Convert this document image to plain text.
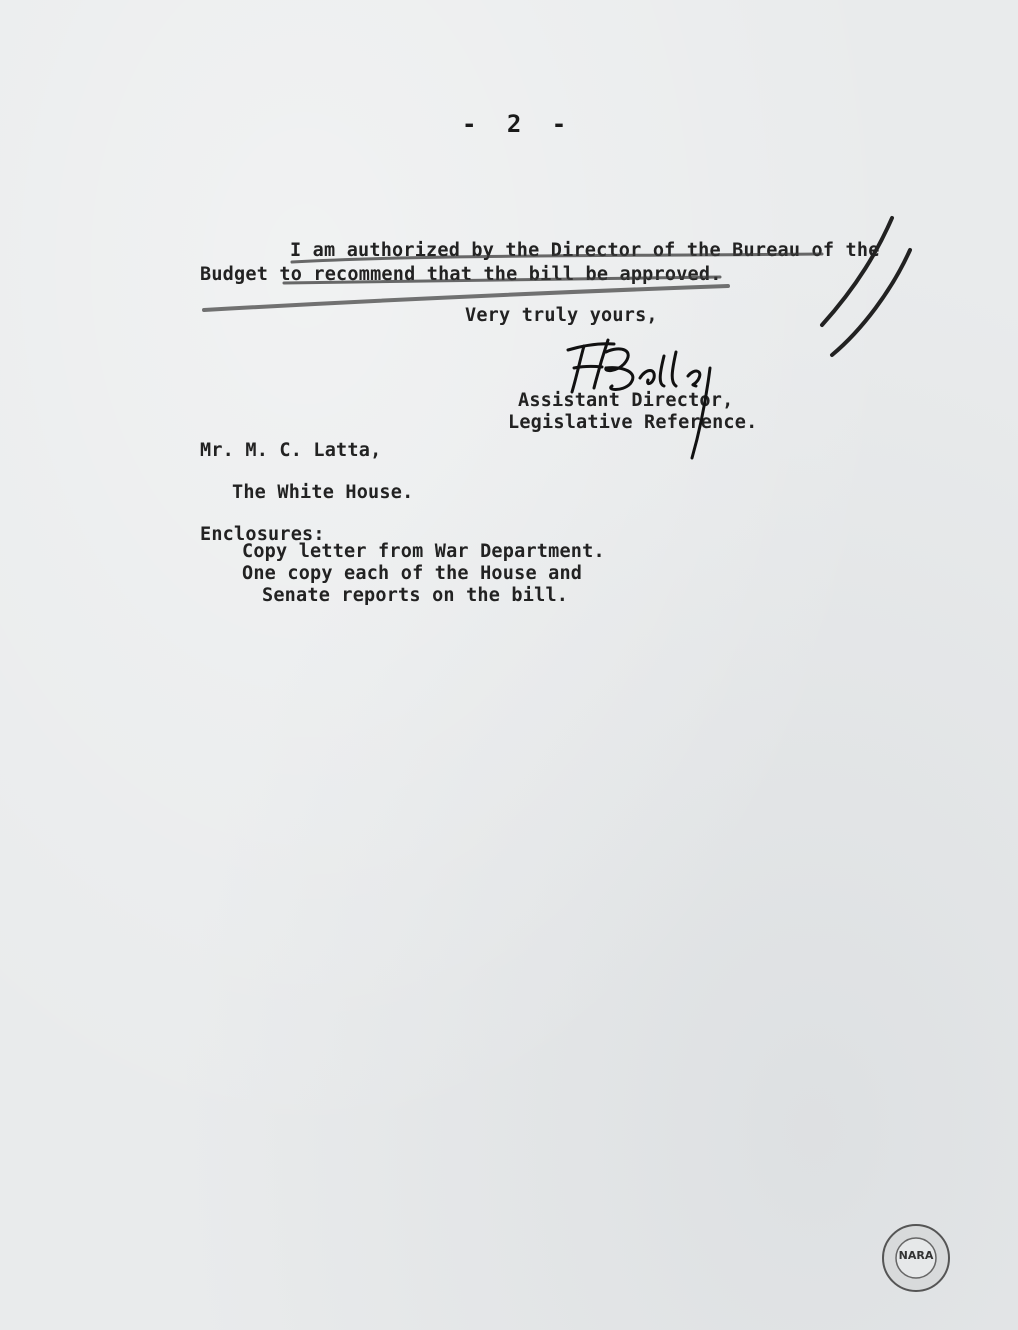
- 2 -
I am authorized by the Director of the Bureau of the
Budget to recommend that the bill be approved.
Very truly yours,
Assistant Director,
Legislative Reference.
Mr. M. C. Latta,
The White House.
Enclosures:
Copy letter from War Department.
One copy each of the House and
Senate reports on the bill.
NARA
